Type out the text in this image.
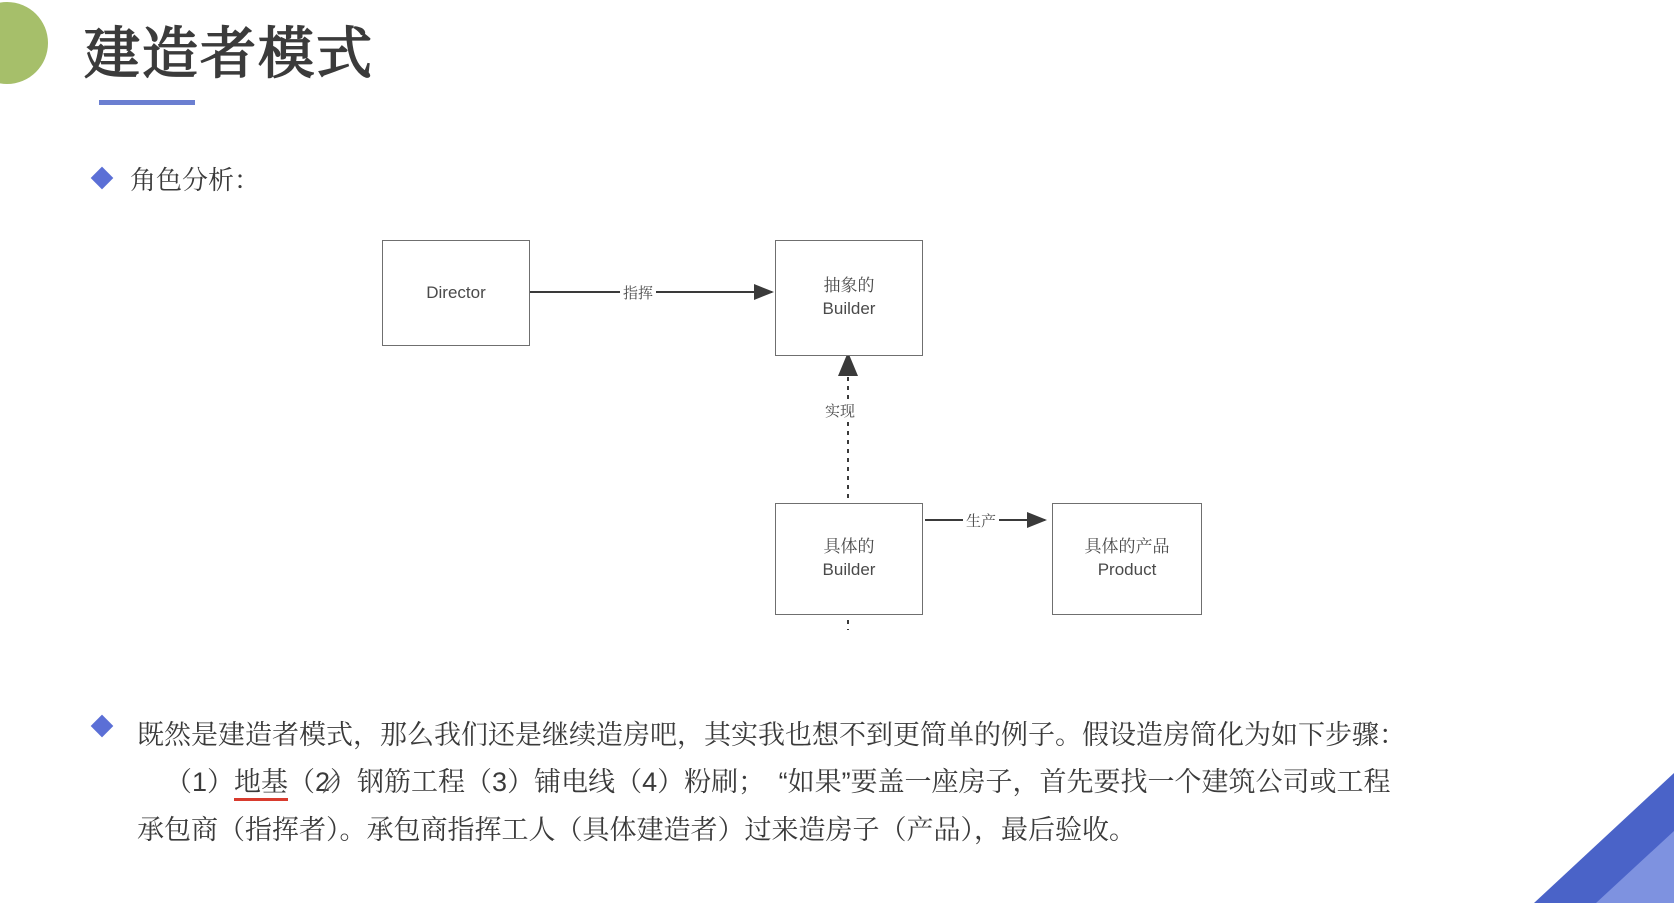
建造者模式
角色分析：
Director	抽象的
Builder
具体的
Builder
具体的产品
Product
指挥
实现
生产

既然是建造者模式，那么我们还是继续造房吧，其实我也想不到更简单的例子。假设造房简化为如下步骤：

（1）地基（2）钢筋工程（3）铺电线（4）粉刷；　“如果”要盖一座房子，首先要找一个建筑公司或工程

承包商（指挥者）。承包商指挥工人（具体建造者）过来造房子（产品），最后验收。
